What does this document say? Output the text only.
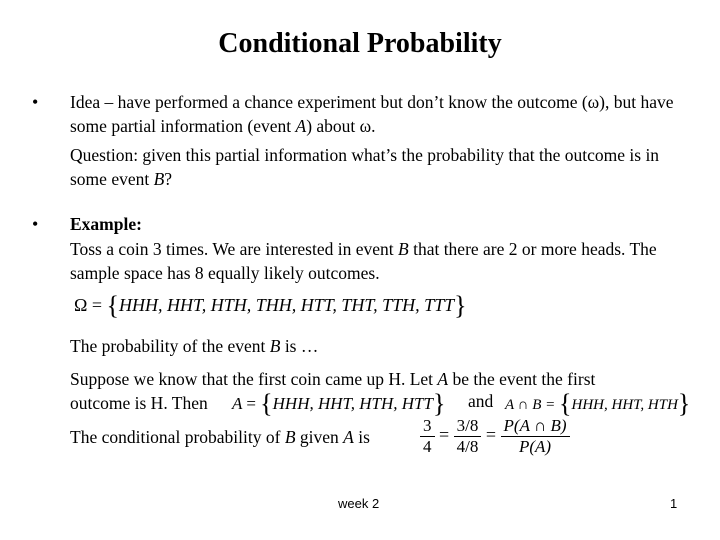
Conditional Probability
• Idea – have performed a chance experiment but don’t know the outcome (ω), but have some partial information (event A) about ω.
Question: given this partial information what’s the probability that the outcome is in some event B?
• Example:
Toss a coin 3 times. We are interested in event B that there are 2 or more heads. The sample space has 8 equally likely outcomes.
Ω = {HHH, HHT, HTH, THH, HTT, THT, TTH, TTT}
The probability of the event B is …
Suppose we know that the first coin came up H. Let A be the event the first
outcome is H. Then	A = {HHH, HHT, HTH, HTT} and A ∩ B = {HHH, HHT, HTH}
The conditional probability of B given A is	$\frac{3}{4} = \frac{3/8}{4/8} = \frac{P(A \cap B)}{P(A)}$
week 2	1
